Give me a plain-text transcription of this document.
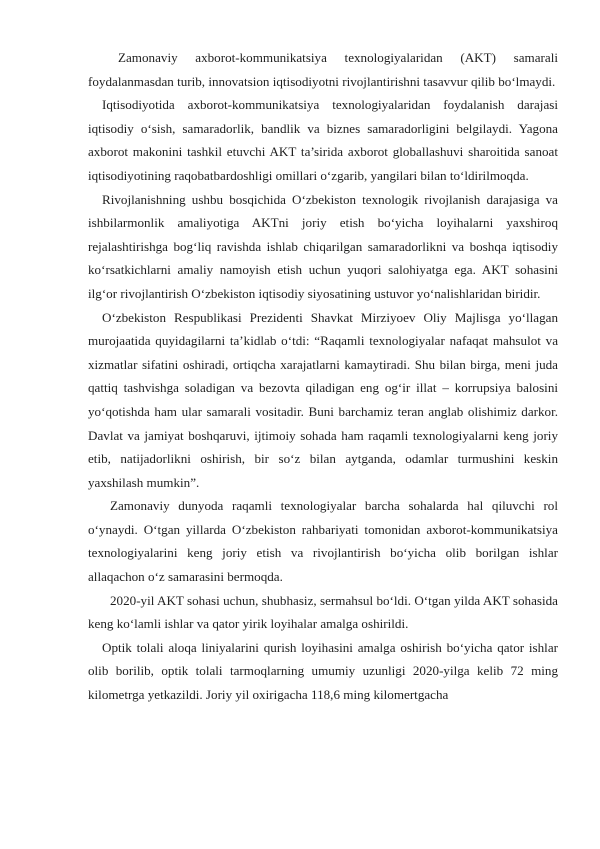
Zamonaviy axborot-kommunikatsiya texnologiyalaridan (AKT) samarali foydalanmasdan turib, innovatsion iqtisodiyotni rivojlantirishni tasavvur qilib bo‘lmaydi.

Iqtisodiyotida axborot-kommunikatsiya texnologiyalaridan foydalanish darajasi iqtisodiy o‘sish, samaradorlik, bandlik va biznes samaradorligini belgilaydi. Yagona axborot makonini tashkil etuvchi AKT ta’sirida axborot globallashuvi sharoitida sanoat iqtisodiyotining raqobatbardoshligi omillari o‘zgarib, yangilari bilan to‘ldirilmoqda.

Rivojlanishning ushbu bosqichida O‘zbekiston texnologik rivojlanish darajasiga va ishbilarmonlik amaliyotiga AKTni joriy etish bo‘yicha loyihalarni yaxshiroq rejalashtirishga bog‘liq ravishda ishlab chiqarilgan samaradorlikni va boshqa iqtisodiy ko‘rsatkichlarni amaliy namoyish etish uchun yuqori salohiyatga ega. AKT sohasini ilg‘or rivojlantirish O‘zbekiston iqtisodiy siyosatining ustuvor yo‘nalishlaridan biridir.

O‘zbekiston Respublikasi Prezidenti Shavkat Mirziyoev Oliy Majlisga yo‘llagan murojaatida quyidagilarni ta’kidlab o‘tdi: “Raqamli texnologiyalar nafaqat mahsulot va xizmatlar sifatini oshiradi, ortiqcha xarajatlarni kamaytiradi. Shu bilan birga, meni juda qattiq tashvishga soladigan va bezovta qiladigan eng og‘ir illat – korrupsiya balosini yo‘qotishda ham ular samarali vositadir. Buni barchamiz teran anglab olishimiz darkor. Davlat va jamiyat boshqaruvi, ijtimoiy sohada ham raqamli texnologiyalarni keng joriy etib, natijadorlikni oshirish, bir so‘z bilan aytganda, odamlar turmushini keskin yaxshilash mumkin”.

Zamonaviy dunyoda raqamli texnologiyalar barcha sohalarda hal qiluvchi rol o‘ynaydi. O‘tgan yillarda O‘zbekiston rahbariyati tomonidan axborot-kommunikatsiya texnologiyalarini keng joriy etish va rivojlantirish bo‘yicha olib borilgan ishlar allaqachon o‘z samarasini bermoqda.

2020-yil AKT sohasi uchun, shubhasiz, sermahsul bo‘ldi. O‘tgan yilda AKT sohasida keng ko‘lamli ishlar va qator yirik loyihalar amalga oshirildi.

Optik tolali aloqa liniyalarini qurish loyihasini amalga oshirish bo‘yicha qator ishlar olib borilib, optik tolali tarmoqlarning umumiy uzunligi 2020-yilga kelib 72 ming kilometrga yetkazildi. Joriy yil oxirigacha 118,6 ming kilomertgacha
